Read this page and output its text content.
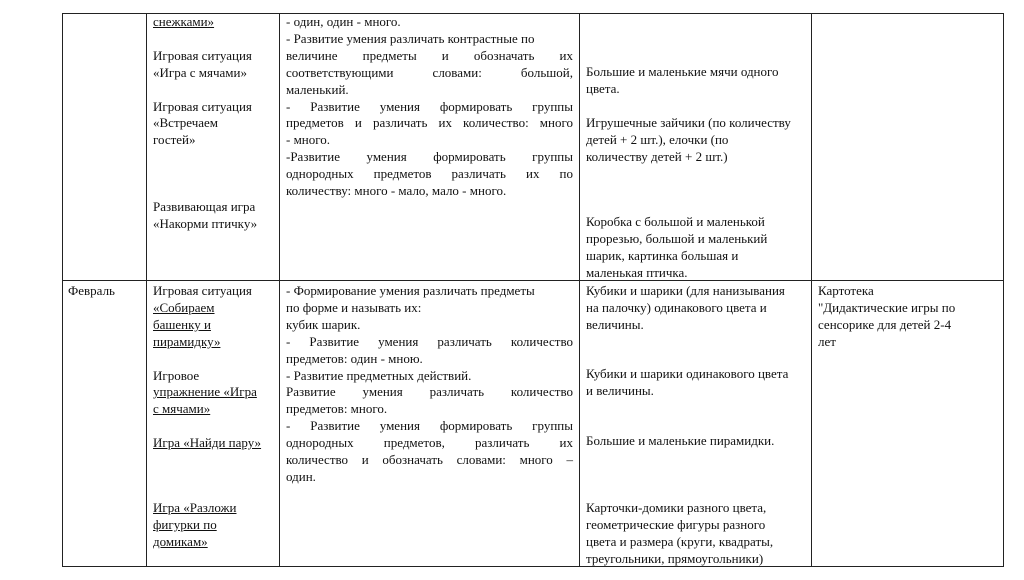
снежками»

Игровая ситуация

«Игра с мячами»

Игровая ситуация

«Встречаем

гостей»

Развивающая игра

«Накорми птичку»

- один, один - много.

- Развитие умения различать контрастные по

величине предметы и обозначать их

соответствующими словами: большой,

маленький.

- Развитие умения формировать группы

предметов и различать их количество: много

- много.

-Развитие умения формировать группы

однородных предметов различать их по

количеству: много - мало, мало - много.

Большие и маленькие мячи одного

цвета.

Игрушечные зайчики (по количеству

детей + 2 шт.), елочки (по

количеству детей + 2 шт.)

Коробка с большой и маленькой

прорезью, большой и маленький

шарик, картинка большая и

маленькая птичка.

Февраль	Игровая ситуация

«Собираем

башенку и

пирамидку»

Игровое

упражнение «Игра

с мячами»

Игра «Найди пару»

Игра «Разложи

фигурки по

домикам»

- Формирование умения различать предметы

по форме и называть их:

кубик шарик.

- Развитие умения различать количество

предметов: один - мною.

- Развитие предметных действий.

Развитие умения различать количество

предметов: много.

- Развитие умения формировать группы

однородных предметов, различать их

количество и обозначать словами: много –

один.

Кубики и шарики (для нанизывания

на палочку) одинакового цвета и

величины.

Кубики и шарики одинакового цвета

и величины.

Большие и маленькие пирамидки.

Карточки-домики разного цвета,

геометрические фигуры разного

цвета и размера (круги, квадраты,

треугольники, прямоугольники)

Картотека

"Дидактические игры по

сенсорике для детей 2-4

лет
